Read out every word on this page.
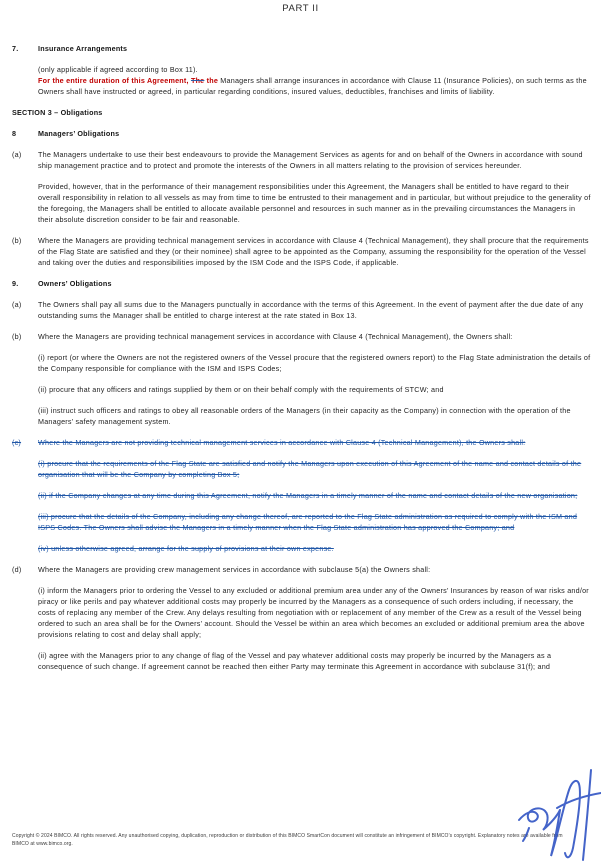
PART II
7.	Insurance Arrangements
(only applicable if agreed according to Box 11).
For the entire duration of this Agreement, The the Managers shall arrange insurances in accordance with Clause 11 (Insurance Policies), on such terms as the Owners shall have instructed or agreed, in particular regarding conditions, insured values, deductibles, franchises and limits of liability.
SECTION 3 – Obligations
8	Managers’ Obligations
(a) The Managers undertake to use their best endeavours to provide the Management Services as agents for and on behalf of the Owners in accordance with sound ship management practice and to protect and promote the interests of the Owners in all matters relating to the provision of services hereunder.
Provided, however, that in the performance of their management responsibilities under this Agreement, the Managers shall be entitled to have regard to their overall responsibility in relation to all vessels as may from time to time be entrusted to their management and in particular, but without prejudice to the generality of the foregoing, the Managers shall be entitled to allocate available personnel and resources in such manner as in the prevailing circumstances the Managers in their absolute discretion consider to be fair and reasonable.
(b) Where the Managers are providing technical management services in accordance with Clause 4 (Technical Management), they shall procure that the requirements of the Flag State are satisfied and they (or their nominee) shall agree to be appointed as the Company, assuming the responsibility for the operation of the Vessel and taking over the duties and responsibilities imposed by the ISM Code and the ISPS Code, if applicable.
9.	Owners’ Obligations
(a) The Owners shall pay all sums due to the Managers punctually in accordance with the terms of this Agreement. In the event of payment after the due date of any outstanding sums the Manager shall be entitled to charge interest at the rate stated in Box 13.
(b) Where the Managers are providing technical management services in accordance with Clause 4 (Technical Management), the Owners shall:
(i) report (or where the Owners are not the registered owners of the Vessel procure that the registered owners report) to the Flag State administration the details of the Company responsible for compliance with the ISM and ISPS Codes;
(ii) procure that any officers and ratings supplied by them or on their behalf comply with the requirements of STCW; and
(iii) instruct such officers and ratings to obey all reasonable orders of the Managers (in their capacity as the Company) in connection with the operation of the Managers’ safety management system.
(c) Where the Managers are not providing technical management services in accordance with Clause 4 (Technical Management), the Owners shall:
(i) procure that the requirements of the Flag State are satisfied and notify the Managers upon execution of this Agreement of the name and contact details of the organisation that will be the Company by completing Box 5;
(ii) if the Company changes at any time during this Agreement, notify the Managers in a timely manner of the name and contact details of the new organisation;
(iii) procure that the details of the Company, including any change thereof, are reported to the Flag State administration as required to comply with the ISM and ISPS Codes. The Owners shall advise the Managers in a timely manner when the Flag State administration has approved the Company; and
(iv) unless otherwise agreed, arrange for the supply of provisions at their own expense.
(d) Where the Managers are providing crew management services in accordance with subclause 5(a) the Owners shall:
(i) inform the Managers prior to ordering the Vessel to any excluded or additional premium area under any of the Owners’ Insurances by reason of war risks and/or piracy or like perils and pay whatever additional costs may properly be incurred by the Managers as a consequence of such orders including, if necessary, the costs of replacing any member of the Crew. Any delays resulting from negotiation with or replacement of any member of the Crew as a result of the Vessel being ordered to such an area shall be for the Owners’ account. Should the Vessel be within an area which becomes an excluded or additional premium area the above provisions relating to cost and delay shall apply;
(ii) agree with the Managers prior to any change of flag of the Vessel and pay whatever additional costs may properly be incurred by the Managers as a consequence of such change. If agreement cannot be reached then either Party may terminate this Agreement in accordance with subclause 31(f); and
Copyright © 2024 BIMCO. All rights reserved. Any unauthorised copying, duplication, reproduction or distribution of this BIMCO SmartCon document will constitute an infringement of BIMCO’s copyright. Explanatory notes are available from BIMCO at www.bimco.org.
